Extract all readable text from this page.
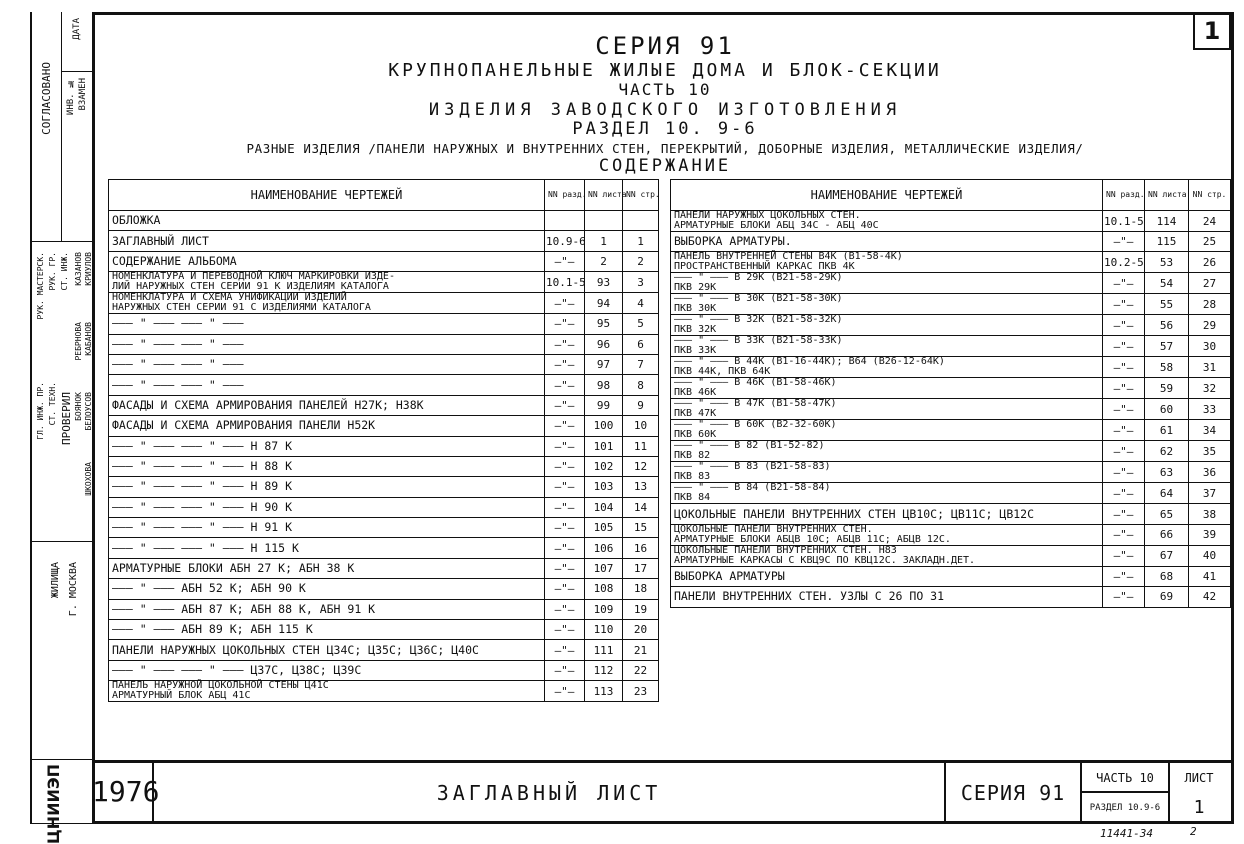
СОГЛАСОВАНО
ДАТА
ИНВ. № ВЗАМЕН
РУК. МАСТЕРСК.
ГЛ. ИНЖ. ПР.
РУК. ГР.
СТ. ТЕХН.
СТ. ИНЖ.
ПРОВЕРИЛ
КАЗАНОВ
РЕБРНОВА
БОЯНОК
КРИУЛОВ
КАБАНОВ
БЕЛОУСОВ
ШКОХОВА
ЖИЛИЩА Г. МОСКВА
ЦНИИЭП
1
СЕРИЯ 91
КРУПНОПАНЕЛЬНЫЕ ЖИЛЫЕ ДОМА И БЛОК-СЕКЦИИ
ЧАСТЬ 10
ИЗДЕЛИЯ ЗАВОДСКОГО ИЗГОТОВЛЕНИЯ
РАЗДЕЛ 10. 9-6
РАЗНЫЕ ИЗДЕЛИЯ /ПАНЕЛИ НАРУЖНЫХ И ВНУТРЕННИХ СТЕН, ПЕРЕКРЫТИЙ, ДОБОРНЫЕ ИЗДЕЛИЯ, МЕТАЛЛИЧЕСКИЕ ИЗДЕЛИЯ/
СОДЕРЖАНИЕ
НАИМЕНОВАНИЕ ЧЕРТЕЖЕЙ	NN разд.	NN листа	NN стр.
ОБЛОЖКА			
ЗАГЛАВНЫЙ ЛИСТ	10.9-6	1	1
СОДЕРЖАНИЕ АЛЬБОМА	—"—	2	2

НОМЕНКЛАТУРА И ПЕРЕВОДНОЙ КЛЮЧ МАРКИРОВКИ ИЗДЕ-
ЛИЙ НАРУЖНЫХ СТЕН СЕРИИ 91 К ИЗДЕЛИЯМ КАТАЛОГА	10.1-5	93	3

НОМЕНКЛАТУРА И СХЕМА УНИФИКАЦИИ ИЗДЕЛИЙ
НАРУЖНЫХ СТЕН СЕРИИ 91 С ИЗДЕЛИЯМИ КАТАЛОГА	—"—	94	4
——— " ——— ——— " ———	—"—	95	5
——— " ——— ——— " ———	—"—	96	6
——— " ——— ——— " ———	—"—	97	7
——— " ——— ——— " ———	—"—	98	8
ФАСАДЫ И СХЕМА АРМИРОВАНИЯ ПАНЕЛЕЙ Н27К; Н38К	—"—	99	9
ФАСАДЫ И СХЕМА АРМИРОВАНИЯ ПАНЕЛИ Н52К	—"—	100	10
——— " ——— ——— " ——— Н 87 К	—"—	101	11
——— " ——— ——— " ——— Н 88 К	—"—	102	12
——— " ——— ——— " ——— Н 89 К	—"—	103	13
——— " ——— ——— " ——— Н 90 К	—"—	104	14
——— " ——— ——— " ——— Н 91 К	—"—	105	15
——— " ——— ——— " ——— Н 115 К	—"—	106	16
АРМАТУРНЫЕ БЛОКИ АБН 27 К; АБН 38 К	—"—	107	17
——— " ——— АБН 52 К; АБН 90 К	—"—	108	18
——— " ——— АБН 87 К; АБН 88 К, АБН 91 К	—"—	109	19
——— " ——— АБН 89 К; АБН 115 К	—"—	110	20
ПАНЕЛИ НАРУЖНЫХ ЦОКОЛЬНЫХ СТЕН Ц34С; Ц35С; Ц36С; Ц40С	—"—	111	21
——— " ——— ——— " ——— Ц37С, Ц38С; Ц39С	—"—	112	22

ПАНЕЛЬ НАРУЖНОЙ ЦОКОЛЬНОЙ СТЕНЫ Ц41С
АРМАТУРНЫЙ БЛОК АБЦ 41С	—"—	113	23
НАИМЕНОВАНИЕ ЧЕРТЕЖЕЙ	NN разд.	NN листа	NN стр.

ПАНЕЛИ НАРУЖНЫХ ЦОКОЛЬНЫХ СТЕН.
АРМАТУРНЫЕ БЛОКИ АБЦ 34С - АБЦ 40С	10.1-5	114	24
ВЫБОРКА АРМАТУРЫ.	—"—	115	25

ПАНЕЛЬ ВНУТРЕННЕЙ СТЕНЫ В4К (В1-58-4К)
ПРОСТРАНСТВЕННЫЙ КАРКАС ПКВ 4К	10.2-5	53	26

——— " ——— В 29К (В21-58-29К)
ПКВ 29К	—"—	54	27

——— " ——— В 30К (В21-58-30К)
ПКВ 30К	—"—	55	28

——— " ——— В 32К (В21-58-32К)
ПКВ 32К	—"—	56	29

——— " ——— В 33К (В21-58-33К)
ПКВ 33К	—"—	57	30

——— " ——— В 44К (В1-16-44К); В64 (В26-12-64К)
ПКВ 44К, ПКВ 64К	—"—	58	31

——— " ——— В 46К (В1-58-46К)
ПКВ 46К	—"—	59	32

——— " ——— В 47К (В1-58-47К)
ПКВ 47К	—"—	60	33

——— " ——— В 60К (В2-32-60К)
ПКВ 60К	—"—	61	34

——— " ——— В 82 (В1-52-82)
ПКВ 82	—"—	62	35

——— " ——— В 83 (В21-58-83)
ПКВ 83	—"—	63	36

——— " ——— В 84 (В21-58-84)
ПКВ 84	—"—	64	37
ЦОКОЛЬНЫЕ ПАНЕЛИ ВНУТРЕННИХ СТЕН ЦВ10С; ЦВ11С; ЦВ12С	—"—	65	38

ЦОКОЛЬНЫЕ ПАНЕЛИ ВНУТРЕННИХ СТЕН.
АРМАТУРНЫЕ БЛОКИ АБЦВ 10С; АБЦВ 11С; АБЦВ 12С.	—"—	66	39

ЦОКОЛЬНЫЕ ПАНЕЛИ ВНУТРЕННИХ СТЕН. Н83
АРМАТУРНЫЕ КАРКАСЫ С КВЦ9С ПО КВЦ12С. ЗАКЛАДН.ДЕТ.	—"—	67	40
ВЫБОРКА АРМАТУРЫ	—"—	68	41
ПАНЕЛИ ВНУТРЕННИХ СТЕН. УЗЛЫ С 26 ПО 31	—"—	69	42
1976	ЗАГЛАВНЫЙ ЛИСТ	СЕРИЯ 91
ЧАСТЬ 10
РАЗДЕЛ 10.9-6
ЛИСТ
1
11441-34	2
